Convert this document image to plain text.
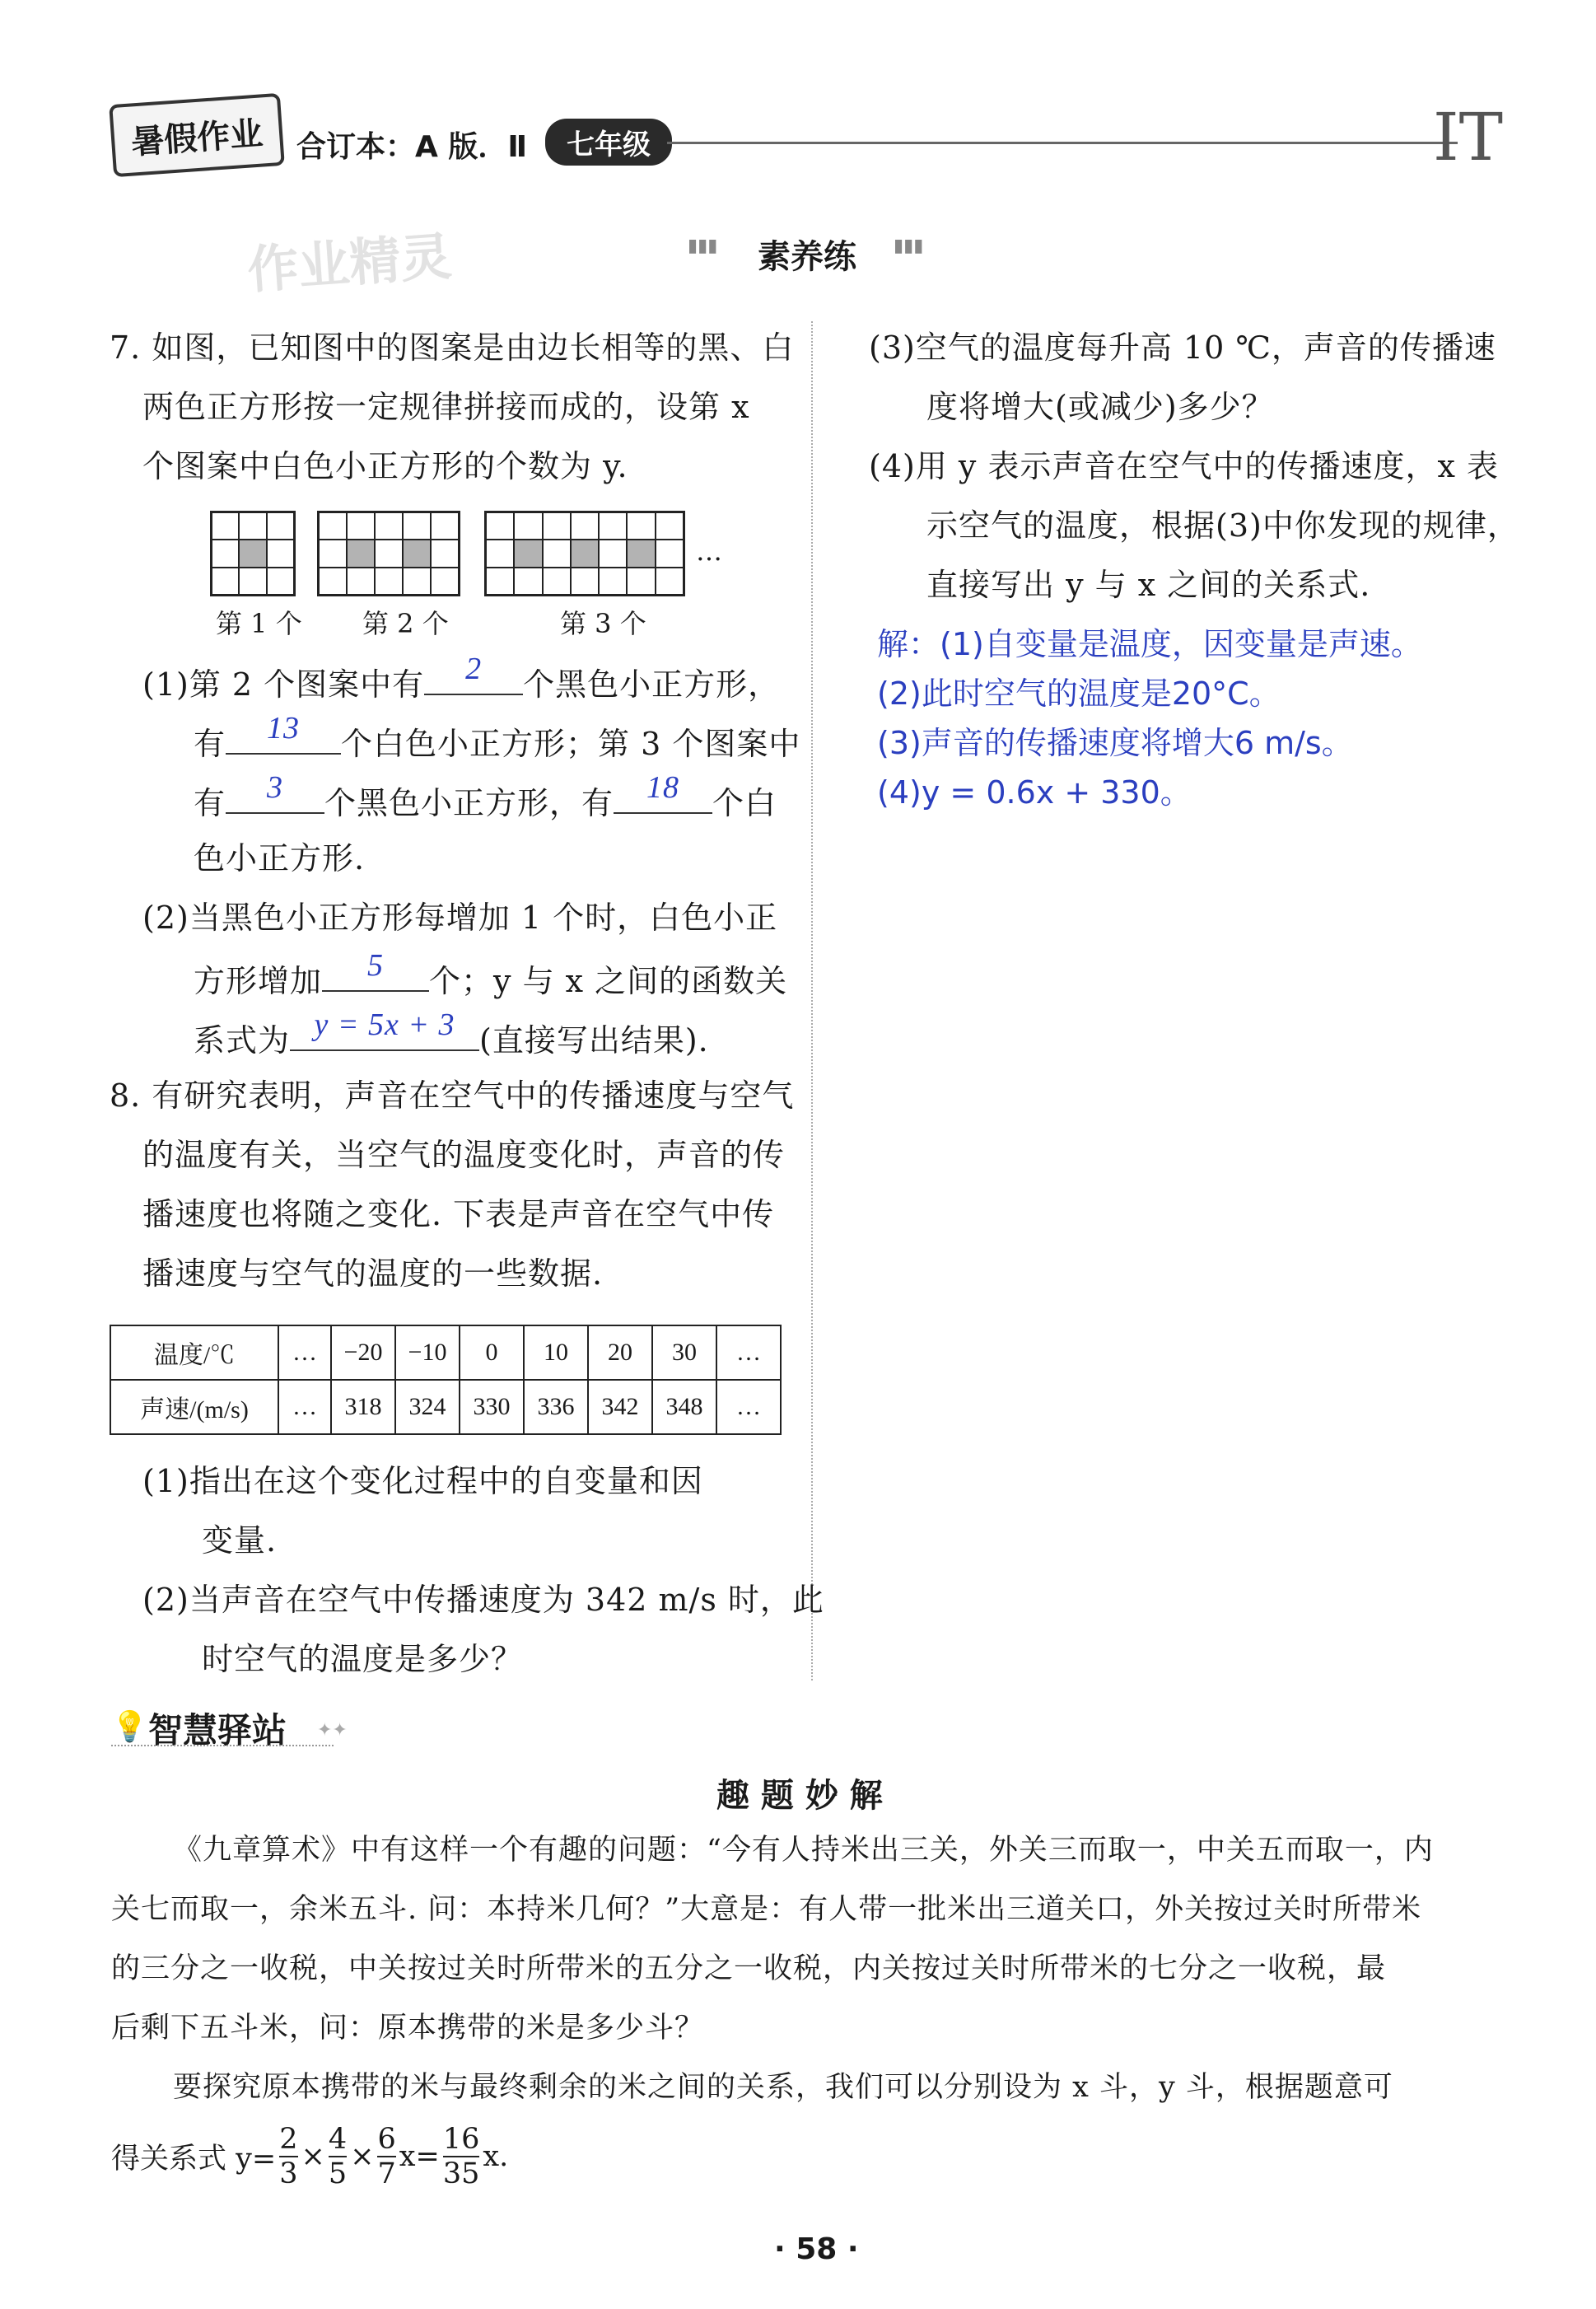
暑假作业	合订本：A 版．Ⅱ	七年级	IT
作业精灵	▮▮▮ 素养练 ▮▮▮
7. 如图，已知图中的图案是由边长相等的黑、白
两色正方形按一定规律拼接而成的，设第 x
个图案中白色小正方形的个数为 y.
…
第 1 个 第 2 个	第 3 个
(1)第 2 个图案中有	2	个黑色小正方形，
有	13	个白色小正方形；第 3 个图案中
有	3	个黑色小正方形，有	18	个白
色小正方形.
(2)当黑色小正方形每增加 1 个时，白色小正
方形增加	5	个；y 与 x 之间的函数关
系式为 y = 5x + 3 (直接写出结果).
8. 有研究表明，声音在空气中的传播速度与空气
的温度有关，当空气的温度变化时，声音的传
播速度也将随之变化. 下表是声音在空气中传
播速度与空气的温度的一些数据.
温度/℃	…	−20	−10	0	10	20	30	…
声速/(m/s)	…	318	324	330	336	342	348	…
(1)指出在这个变化过程中的自变量和因
变量.
(2)当声音在空气中传播速度为 342 m/s 时，此
时空气的温度是多少？
(3)空气的温度每升高 10 ℃，声音的传播速
度将增大(或减少)多少？
(4)用 y 表示声音在空气中的传播速度，x 表
示空气的温度，根据(3)中你发现的规律，
直接写出 y 与 x 之间的关系式.
解：(1)自变量是温度，因变量是声速。
(2)此时空气的温度是20°C。
(3)声音的传播速度将增大6 m/s。
(4)y = 0.6x + 330。
💡 智慧驿站 ✦✦
趣 题 妙 解
《九章算术》中有这样一个有趣的问题：“今有人持米出三关，外关三而取一，中关五而取一，内
关七而取一，余米五斗. 问：本持米几何？”大意是：有人带一批米出三道关口，外关按过关时所带米
的三分之一收税，中关按过关时所带米的五分之一收税，内关按过关时所带米的七分之一收税，最
后剩下五斗米，问：原本携带的米是多少斗？
要探究原本携带的米与最终剩余的米之间的关系，我们可以分别设为 x 斗，y 斗，根据题意可
得关系式 $y= \frac{2}{3} \times \frac{4}{5} \times \frac{6}{7} x= \frac{16}{35} x$.
· 58 ·
